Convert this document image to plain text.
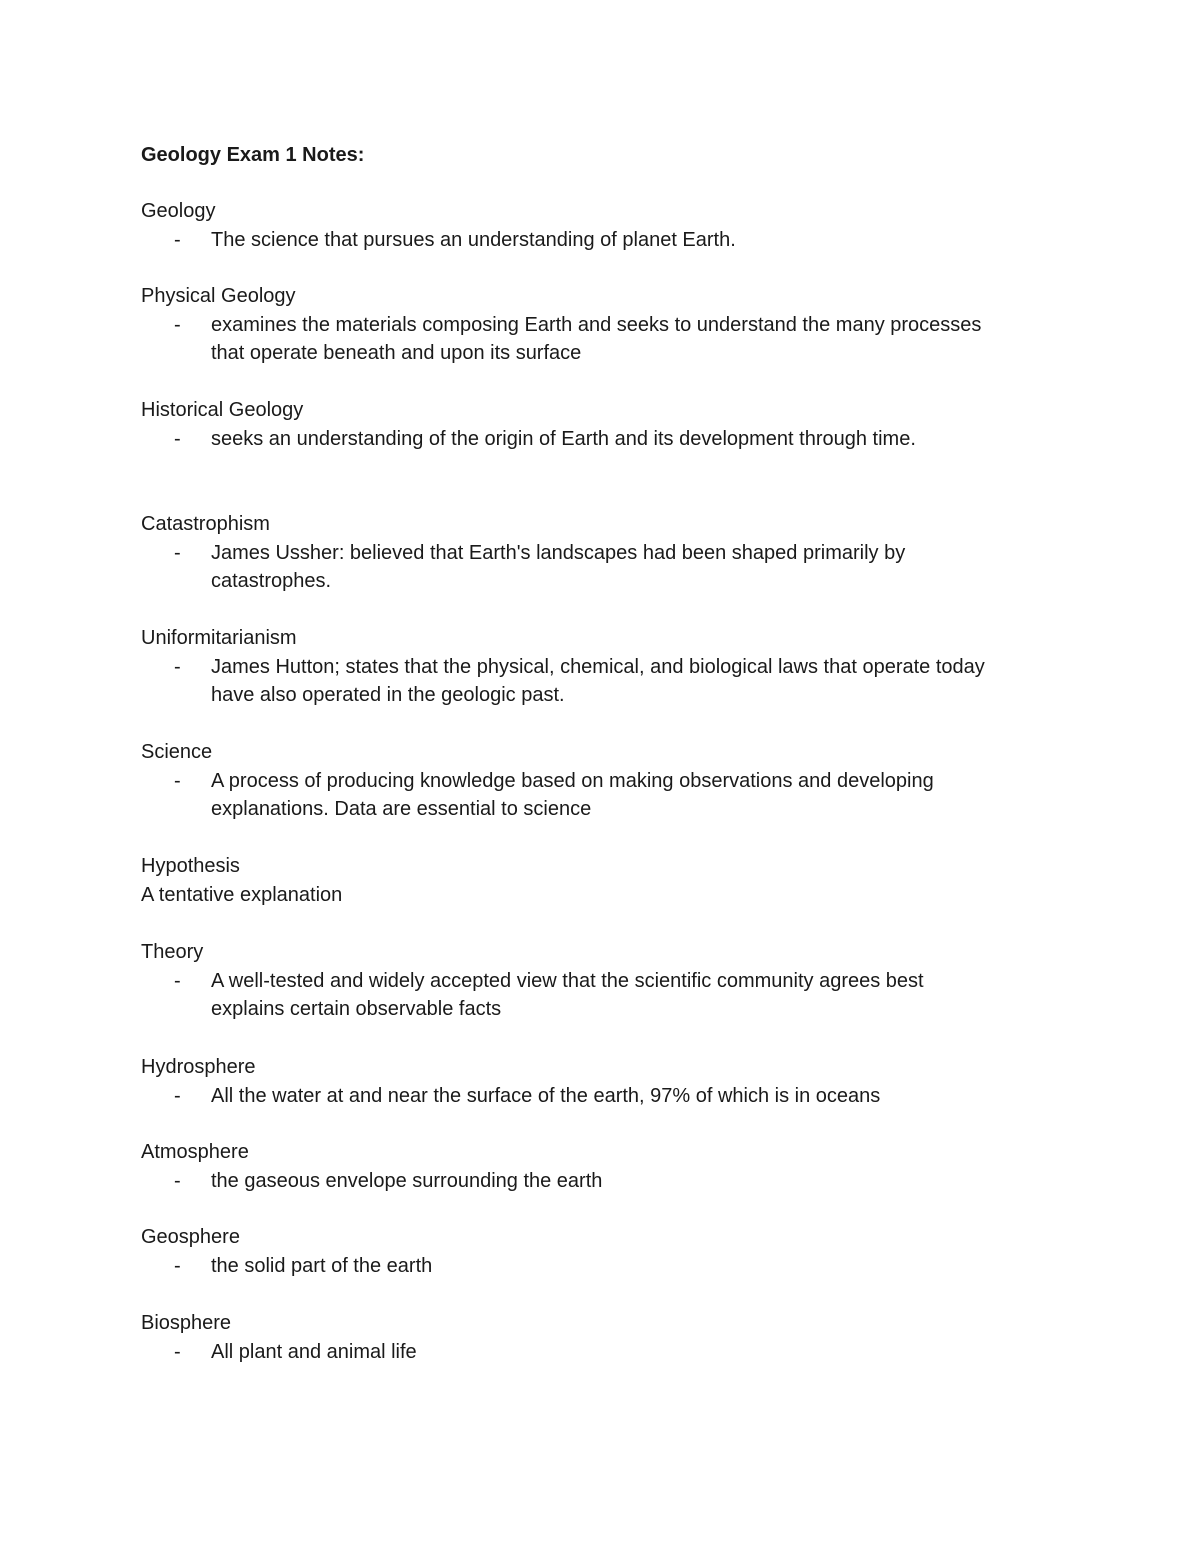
Geology Exam 1 Notes:
Geology
- The science that pursues an understanding of planet Earth.
Physical Geology
- examines the materials composing Earth and seeks to understand the many processes
that operate beneath and upon its surface
Historical Geology
- seeks an understanding of the origin of Earth and its development through time.
Catastrophism
- James Ussher: believed that Earth's landscapes had been shaped primarily by
catastrophes.
Uniformitarianism
- James Hutton; states that the physical, chemical, and biological laws that operate today
have also operated in the geologic past.
Science
- A process of producing knowledge based on making observations and developing
explanations. Data are essential to science
Hypothesis
A tentative explanation
Theory
- A well-tested and widely accepted view that the scientific community agrees best
explains certain observable facts
Hydrosphere
- All the water at and near the surface of the earth, 97% of which is in oceans
Atmosphere
- the gaseous envelope surrounding the earth
Geosphere
- the solid part of the earth
Biosphere
- All plant and animal life
